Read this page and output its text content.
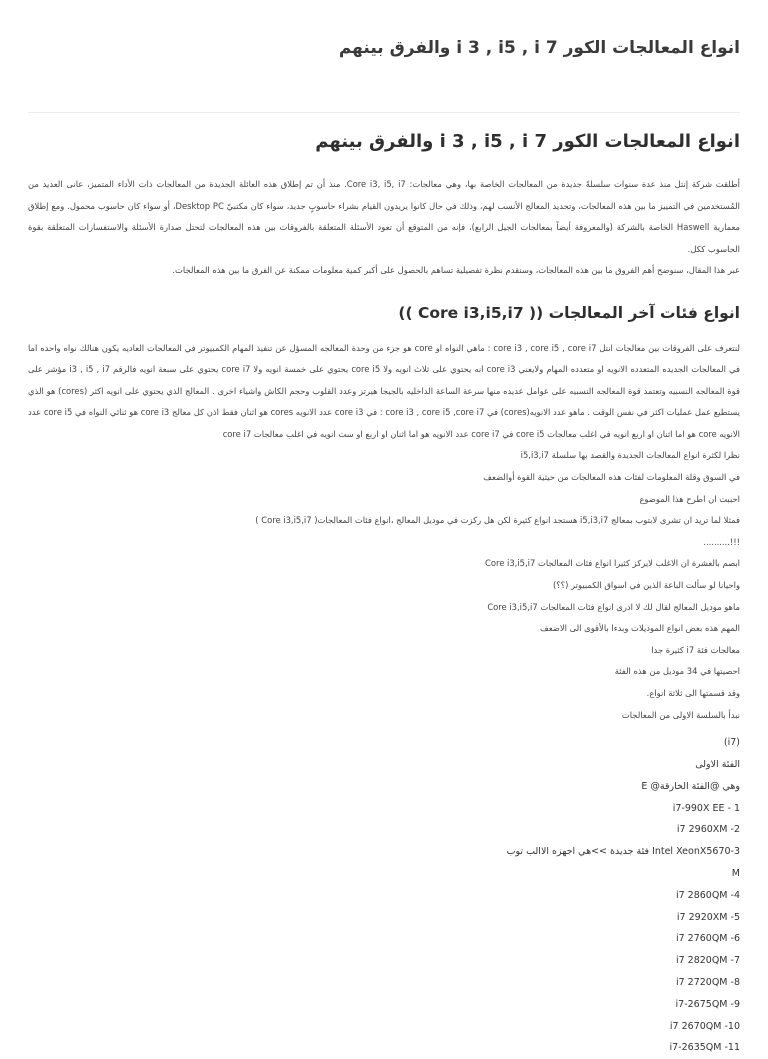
انواع المعالجات الكور i 3 , i5 , i 7 والفرق بينهم
انواع المعالجات الكور i 3 , i5 , i 7 والفرق بينهم

أطلقت شركة إنتل منذ عدة سنوات سلسلةً جديدة من المعالجات الخاصة بها، وهي معالجات: Core i3, i5, i7. منذ أن تم إطلاق هذه العائلة الجديدة من المعالجات ذات الأداء المتميز، عانى العديد من المُستخدمين في التمييز ما بين هذه المعالجات، وتحديد المعالج الأنسب لهم، وذلك في حال كانوا يريدون القيام بشراء حاسوبٍ جديد، سواء كان مكتبيّ Desktop PC، أو سواء كان حاسوب محمول. ومع إطلاق معمارية Haswell الخاصة بالشركة (والمعروفة أيضاً بمعالجات الجيل الرابع)، فإنه من المتوقع أن تعود الأسئلة المتعلقة بالفروقات بين هذه المعالجات لتحتل صدارة الأسئلة والاستفسارات المتعلقة بقوة الحاسوب ككل.

عبر هذا المقال، سنوضح أهم الفروق ما بين هذه المعالجات، وسنقدم نظرة تفصيلية تساهم بالحصول على أكبر كمية معلومات ممكنة عن الفرق ما بين هذه المعالجات.

انواع فئات آخر المعالجات (( Core i3,i5,i7 ))

لنتعرف على الفروقات بين معالجات انتل core i3 , core i5 , core i7 : ماهي النواه او core هو جزء من وحدة المعالجه المسؤل عن تنفيذ المهام الكمبيوتر في المعالجات العاديه يكون هنالك نواه واحده اما في المعالجات الجديده المتعدده الانويه او متعدده المهام ولايعني core i3 انه يحتوي على ثلاث انويه ولا core i5 يحتوي على خمسة انويه ولا core i7 يحتوي على سبعة انويه فالرقم i3 , i5 , i7 مؤشر على قوة المعالجه النسبيه وتعتمد قوة المعالجه النسبيه على عوامل عديده منها سرعة الساعة الداخليه بالجيجا هيرتز وعدد القلوب وحجم الكاش واشياء اخرى . المعالج الذي يحتوي على انويه اكثر (cores) هو الذي يستطيع عمل عمليات اكثر في نفس الوقت . ماهو عدد الانويه(cores) في core i3 , core i5 ,core i7 : في core i3 عدد الانويه cores هو اثنان فقط اذن كل معالج core i3 هو ثنائي النواه في core i5 عدد الانويه core هو اما اثنان او اربع انويه في اغلب معالجات core i5 في core i7 عدد الانويه هو اما اثنان او اربع او ست انويه في اغلب معالجات core i7

نظرا لكثرة انواع المعالجات الجديدة والقصد بها سلسلة i5,i3,i7
في السوق وقلة المعلومات لفئات هذه المعالجات من حيثية القوة أوالضعف
احببت ان اطرح هذا الموضوع
فمثلا لما تريد ان تشرى لابتوب بمعالج i5,i3,i7 هستجد انواع كثيرة لكن هل ركزت في موديل المعالج ،انواع فئات المعالجات( Core i3,i5,i7 )
!!!..........
ابصم بالعشرة ان الاغلب لايركز كثيرا انواع فئات المعالجات Core i3,i5,i7
واحيانا لو سألت الباعة الذين في اسواق الكمبيوتر (؟؟)
ماهو موديل المعالج لقال لك لا ادرى انواع فئات المعالجات Core i3,i5,i7
المهم هذه بعض انواع الموديلات وبدءا بالأقوى الى الاضعف
معالجات فئة i7 كثيرة جدا
احصيتها في 34 موديل من هذه الفئة
وقد قسمتها الى ثلاثة انواع.
نبدأ بالسلسة الاولى من المعالجات
(i7)
الفئة الاولى
وهي @الفئة الخارقة@ E
i7-990X EE - 1
i7 2960XM -2
Intel XeonX5670-3 فئة جديدة >>هي اجهزه الاالب توب
M
i7 2860QM -4
i7 2920XM -5
i7 2760QM -6
i7 2820QM -7
i7 2720QM -8
i7-2675QM -9
i7 2670QM -10
i7-2635QM -11
